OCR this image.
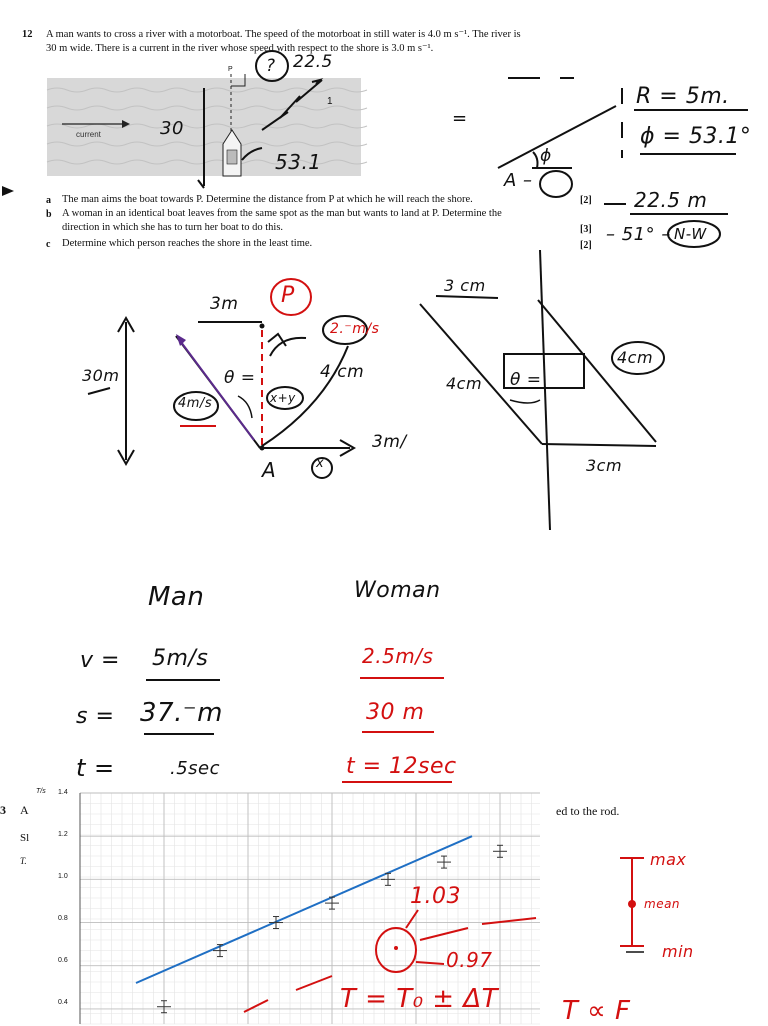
12 A man wants to cross a river with a motorboat. The speed of the motorboat in still water is 4.0 m s⁻¹. The river is
30 m wide. There is a current in the river whose speed with respect to the shore is 3.0 m s⁻¹.
current
P ? 22.5
30
53.1
1
=
R = 5m.
ϕ = 53.1°
A –
ϕ
22.5 m
– 51° – N-W
a The man aims the boat towards P. Determine the distance from P at which he will reach the shore.	[2]
b A woman in an identical boat leaves from the same spot as the man but wants to land at P. Determine the
direction in which she has to turn her boat to do this.	[3]
c Determine which person reaches the shore in the least time.	[2]
3m P
2.⁻m/s
30m	θ =	4 cm
4m/s	x+y
3m/
A	x
3 cm
4cm θ =
4cm
3cm
Man	Woman
v = 5m/s	2.5m/s
s = 37.⁻m	30 m
t =	.5sec	t = 12sec
3 A
Sl
T.
ed to the rod.
T/s 1.4
1.2
1.0
0.8
0.6
0.4
1.03
0.97
T = T₀ ± ΔT
max
mean
min
T ∝ F
